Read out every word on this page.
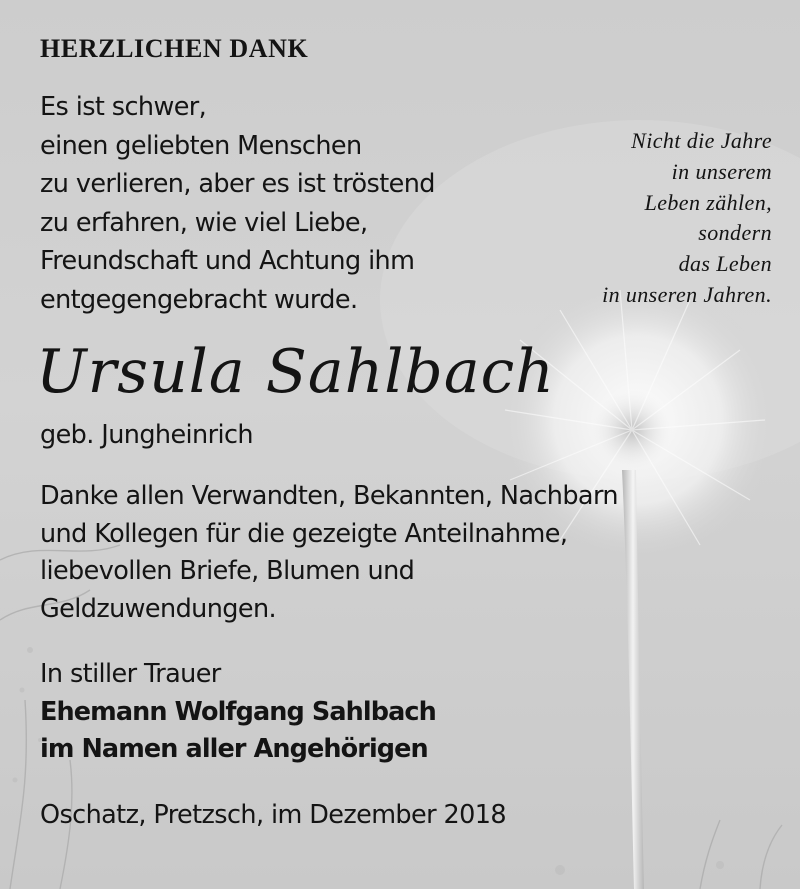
HERZLICHEN DANK
Es ist schwer,
einen geliebten Menschen
zu verlieren, aber es ist tröstend
zu erfahren, wie viel Liebe,
Freundschaft und Achtung ihm
entgegengebracht wurde.
Nicht die Jahre
in unserem
Leben zählen,
sondern
das Leben
in unseren Jahren.
Ursula Sahlbach
geb. Jungheinrich
Danke allen Verwandten, Bekannten, Nachbarn
und Kollegen für die gezeigte Anteilnahme,
liebevollen Briefe, Blumen und
Geldzuwendungen.
In stiller Trauer
Ehemann Wolfgang Sahlbach
im Namen aller Angehörigen
Oschatz, Pretzsch, im Dezember 2018
